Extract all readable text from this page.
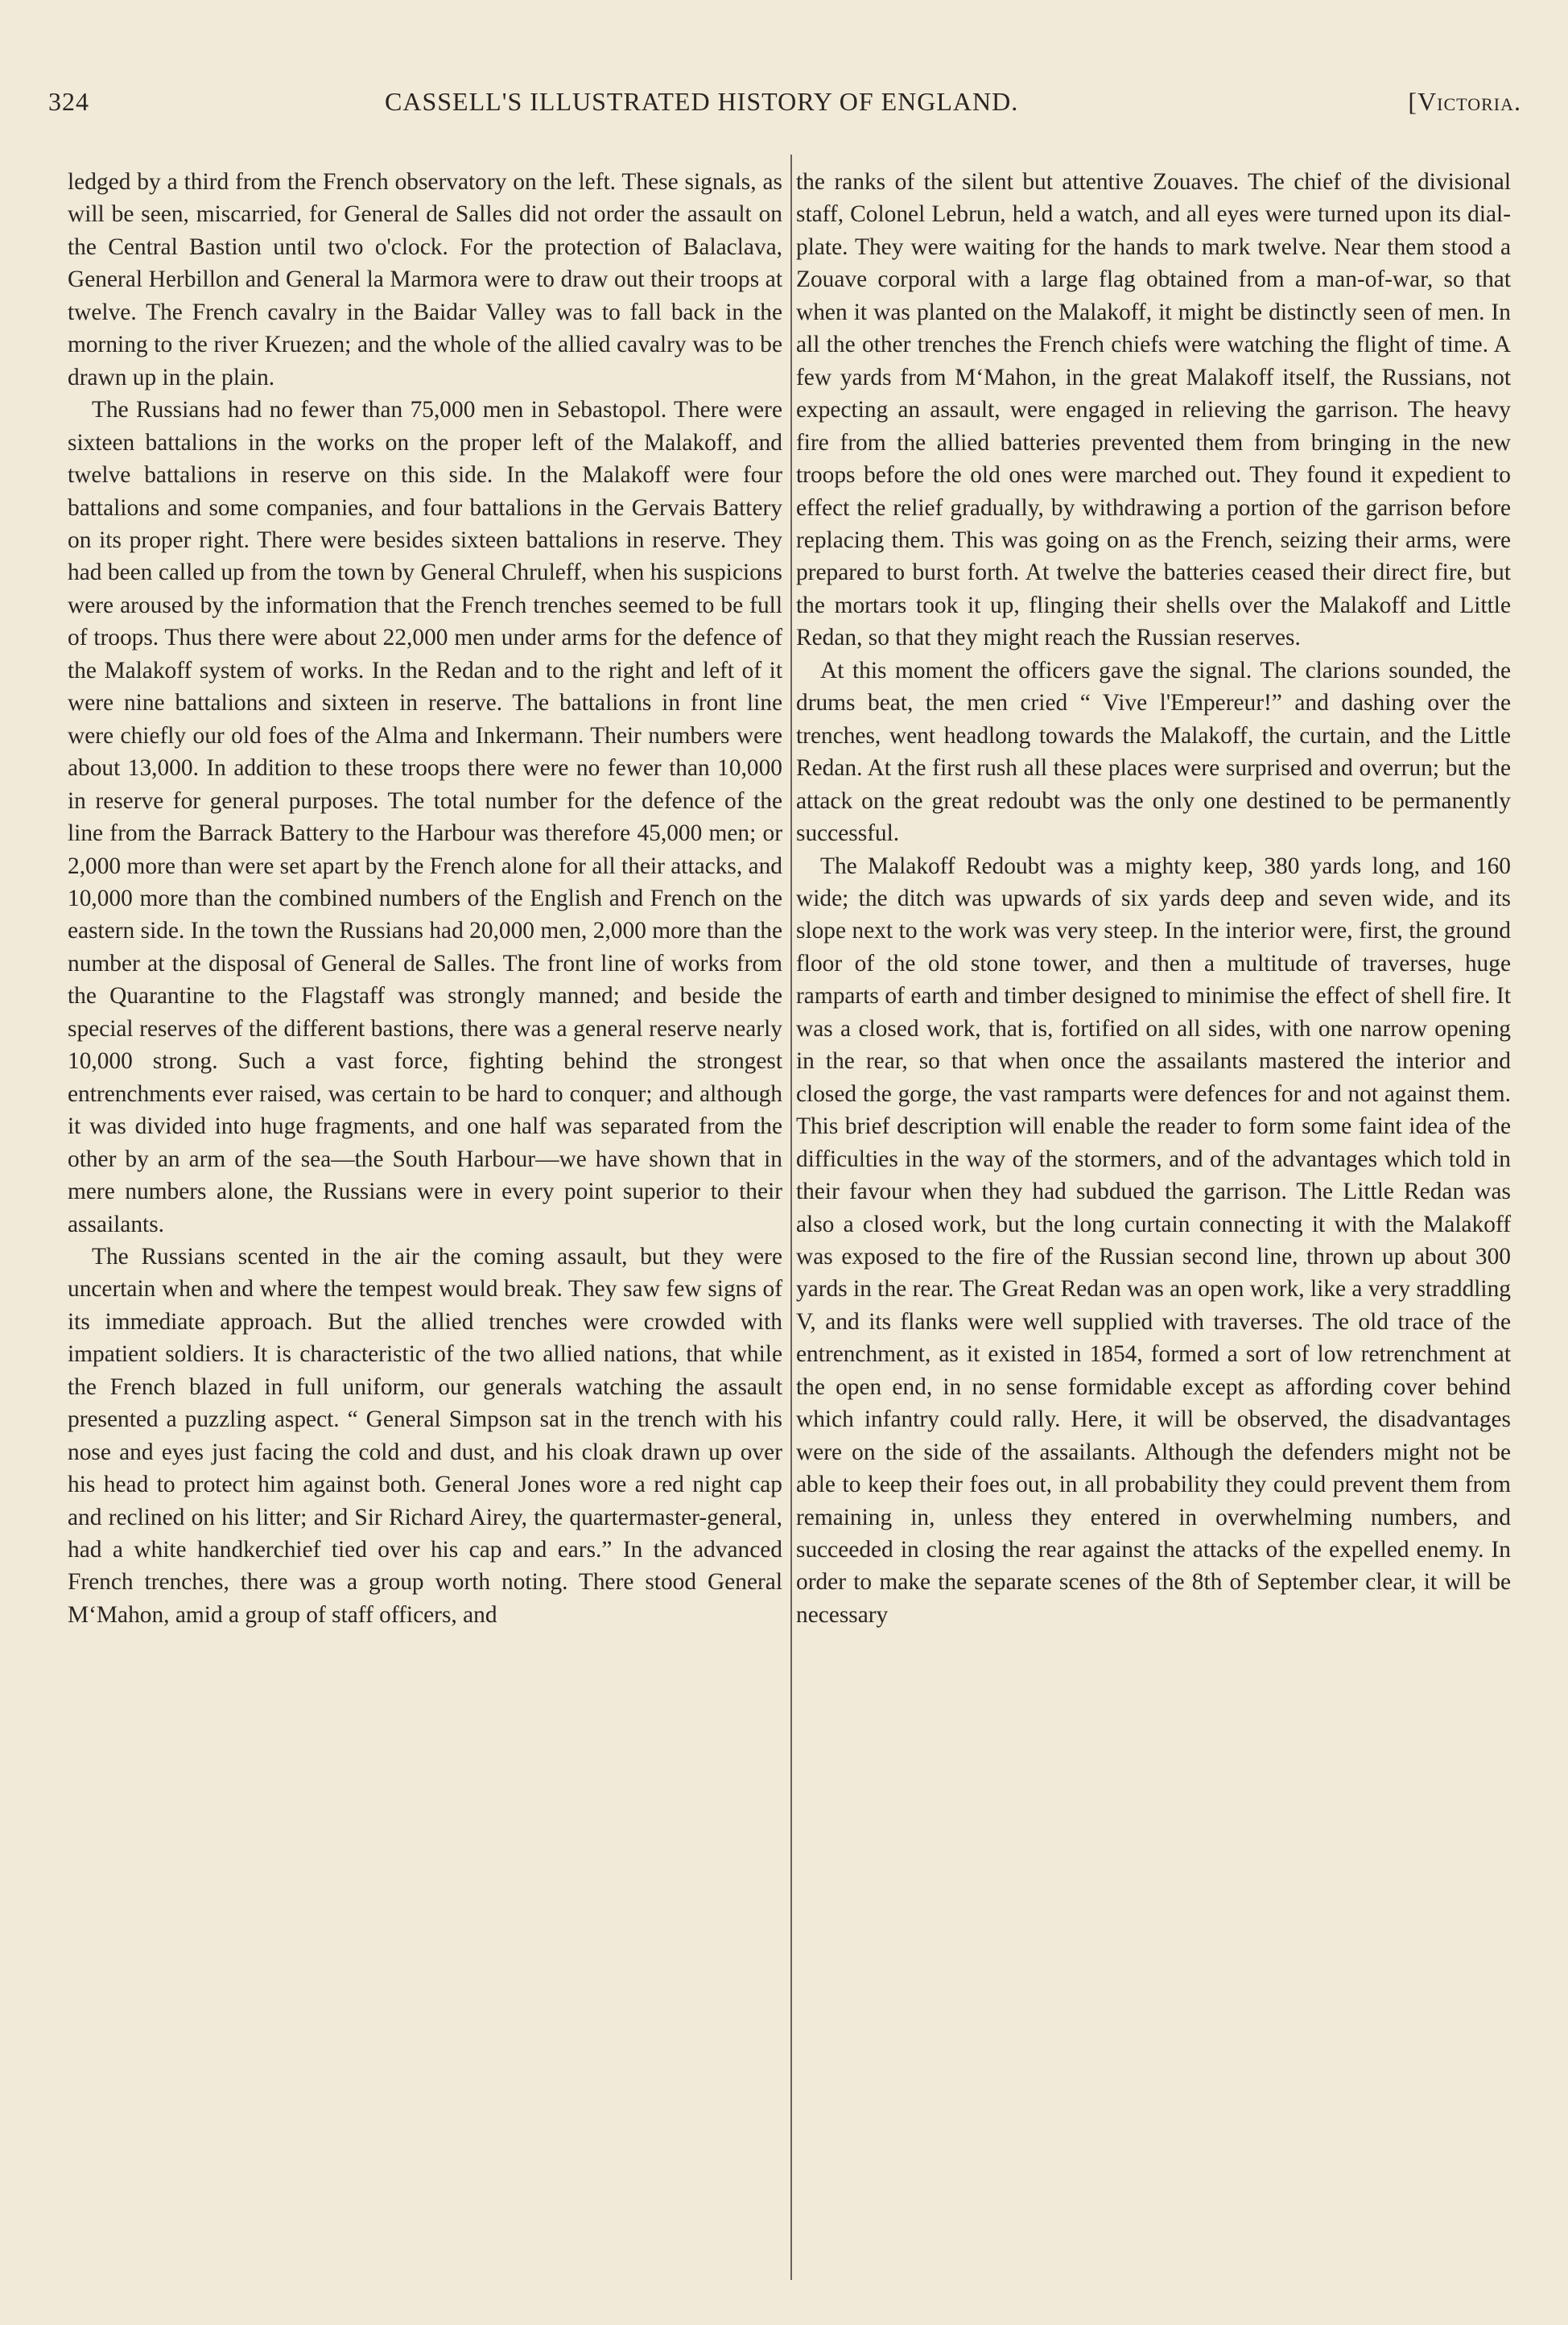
324	CASSELL'S ILLUSTRATED HISTORY OF ENGLAND.	[Victoria.

ledged by a third from the French observatory on the left. These signals, as will be seen, miscarried, for General de Salles did not order the assault on the Central Bastion until two o'clock. For the protection of Balaclava, General Herbillon and General la Marmora were to draw out their troops at twelve. The French cavalry in the Baidar Valley was to fall back in the morning to the river Kruezen; and the whole of the allied cavalry was to be drawn up in the plain.

The Russians had no fewer than 75,000 men in Sebastopol. There were sixteen battalions in the works on the proper left of the Malakoff, and twelve battalions in reserve on this side. In the Malakoff were four battalions and some companies, and four battalions in the Gervais Battery on its proper right. There were besides sixteen battalions in reserve. They had been called up from the town by General Chruleff, when his suspicions were aroused by the information that the French trenches seemed to be full of troops. Thus there were about 22,000 men under arms for the defence of the Malakoff system of works. In the Redan and to the right and left of it were nine battalions and sixteen in reserve. The battalions in front line were chiefly our old foes of the Alma and Inkermann. Their numbers were about 13,000. In addition to these troops there were no fewer than 10,000 in reserve for general purposes. The total number for the defence of the line from the Barrack Battery to the Harbour was therefore 45,000 men; or 2,000 more than were set apart by the French alone for all their attacks, and 10,000 more than the combined numbers of the English and French on the eastern side. In the town the Russians had 20,000 men, 2,000 more than the number at the disposal of General de Salles. The front line of works from the Quarantine to the Flagstaff was strongly manned; and beside the special reserves of the different bastions, there was a general reserve nearly 10,000 strong. Such a vast force, fighting behind the strongest entrenchments ever raised, was certain to be hard to conquer; and although it was divided into huge fragments, and one half was separated from the other by an arm of the sea—the South Harbour—we have shown that in mere numbers alone, the Russians were in every point superior to their assailants.

The Russians scented in the air the coming assault, but they were uncertain when and where the tempest would break. They saw few signs of its immediate approach. But the allied trenches were crowded with impatient soldiers. It is characteristic of the two allied nations, that while the French blazed in full uniform, our generals watching the assault presented a puzzling aspect. “ General Simpson sat in the trench with his nose and eyes just facing the cold and dust, and his cloak drawn up over his head to protect him against both. General Jones wore a red night cap and reclined on his litter; and Sir Richard Airey, the quartermaster-general, had a white handkerchief tied over his cap and ears.” In the advanced French trenches, there was a group worth noting. There stood General M‘Mahon, amid a group of staff officers, and

the ranks of the silent but attentive Zouaves. The chief of the divisional staff, Colonel Lebrun, held a watch, and all eyes were turned upon its dial-plate. They were waiting for the hands to mark twelve. Near them stood a Zouave corporal with a large flag obtained from a man-of-war, so that when it was planted on the Malakoff, it might be distinctly seen of men. In all the other trenches the French chiefs were watching the flight of time. A few yards from M‘Mahon, in the great Malakoff itself, the Russians, not expecting an assault, were engaged in relieving the garrison. The heavy fire from the allied batteries prevented them from bringing in the new troops before the old ones were marched out. They found it expedient to effect the relief gradually, by withdrawing a portion of the garrison before replacing them. This was going on as the French, seizing their arms, were prepared to burst forth. At twelve the batteries ceased their direct fire, but the mortars took it up, flinging their shells over the Malakoff and Little Redan, so that they might reach the Russian reserves.

At this moment the officers gave the signal. The clarions sounded, the drums beat, the men cried “ Vive l'Empereur!” and dashing over the trenches, went headlong towards the Malakoff, the curtain, and the Little Redan. At the first rush all these places were surprised and overrun; but the attack on the great redoubt was the only one destined to be permanently successful.

The Malakoff Redoubt was a mighty keep, 380 yards long, and 160 wide; the ditch was upwards of six yards deep and seven wide, and its slope next to the work was very steep. In the interior were, first, the ground floor of the old stone tower, and then a multitude of traverses, huge ramparts of earth and timber designed to minimise the effect of shell fire. It was a closed work, that is, fortified on all sides, with one narrow opening in the rear, so that when once the assailants mastered the interior and closed the gorge, the vast ramparts were defences for and not against them. This brief description will enable the reader to form some faint idea of the difficulties in the way of the stormers, and of the advantages which told in their favour when they had subdued the garrison. The Little Redan was also a closed work, but the long curtain connecting it with the Malakoff was exposed to the fire of the Russian second line, thrown up about 300 yards in the rear. The Great Redan was an open work, like a very straddling V, and its flanks were well supplied with traverses. The old trace of the entrenchment, as it existed in 1854, formed a sort of low retrenchment at the open end, in no sense formidable except as affording cover behind which infantry could rally. Here, it will be observed, the disadvantages were on the side of the assailants. Although the defenders might not be able to keep their foes out, in all probability they could prevent them from remaining in, unless they entered in overwhelming numbers, and succeeded in closing the rear against the attacks of the expelled enemy. In order to make the separate scenes of the 8th of September clear, it will be necessary
